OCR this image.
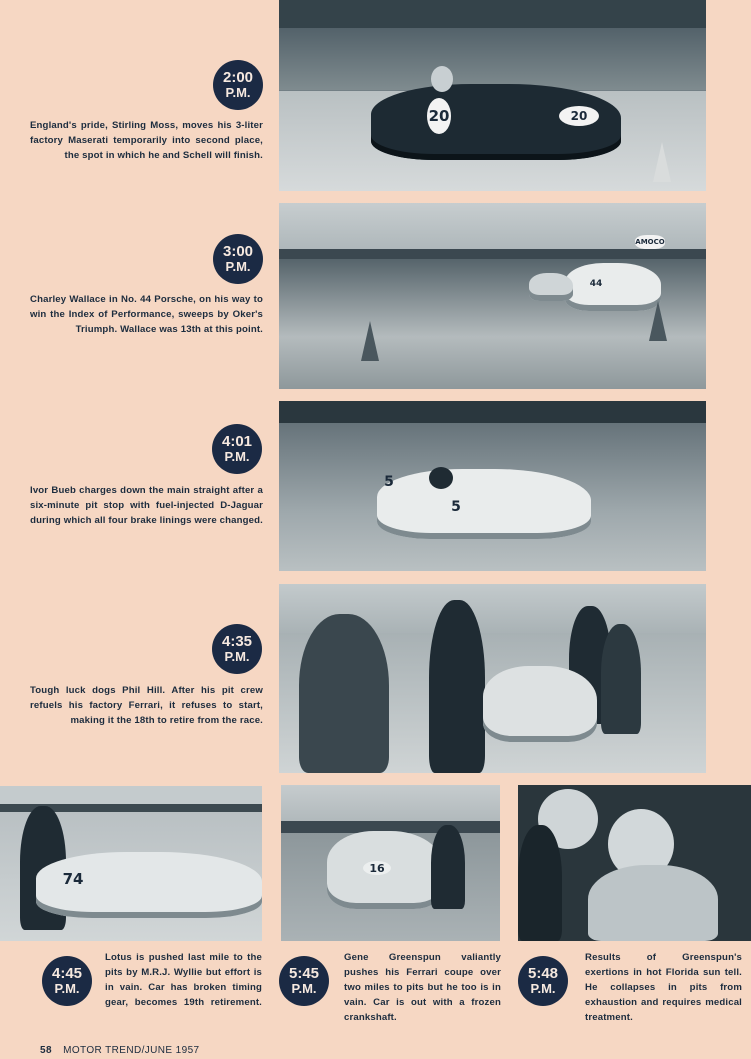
20	20
2:00
P.M.
England's pride, Stirling Moss, moves his 3-liter factory Maserati temporarily into second place, the spot in which he and Schell will finish.
44
AMOCO
3:00
P.M.
Charley Wallace in No. 44 Porsche, on his way to win the Index of Performance, sweeps by Oker's Triumph. Wallace was 13th at this point.
5
5
4:01
P.M.
Ivor Bueb charges down the main straight after a six-minute pit stop with fuel-injected D-Jaguar during which all four brake linings were changed.
4:35
P.M.
Tough luck dogs Phil Hill. After his pit crew refuels his factory Ferrari, it refuses to start, making it the 18th to retire from the race.
74
16
4:45
P.M.
Lotus is pushed last mile to the pits by M.R.J. Wyllie but effort is in vain. Car has broken timing gear, becomes 19th retirement.
5:45
P.M.
Gene Greenspun valiantly pushes his Ferrari coupe over two miles to pits but he too is in vain. Car is out with a frozen crankshaft.
5:48
P.M.
Results of Greenspun's exertions in hot Florida sun tell. He collapses in pits from exhaustion and requires medical treatment.
58 MOTOR TREND/JUNE 1957
